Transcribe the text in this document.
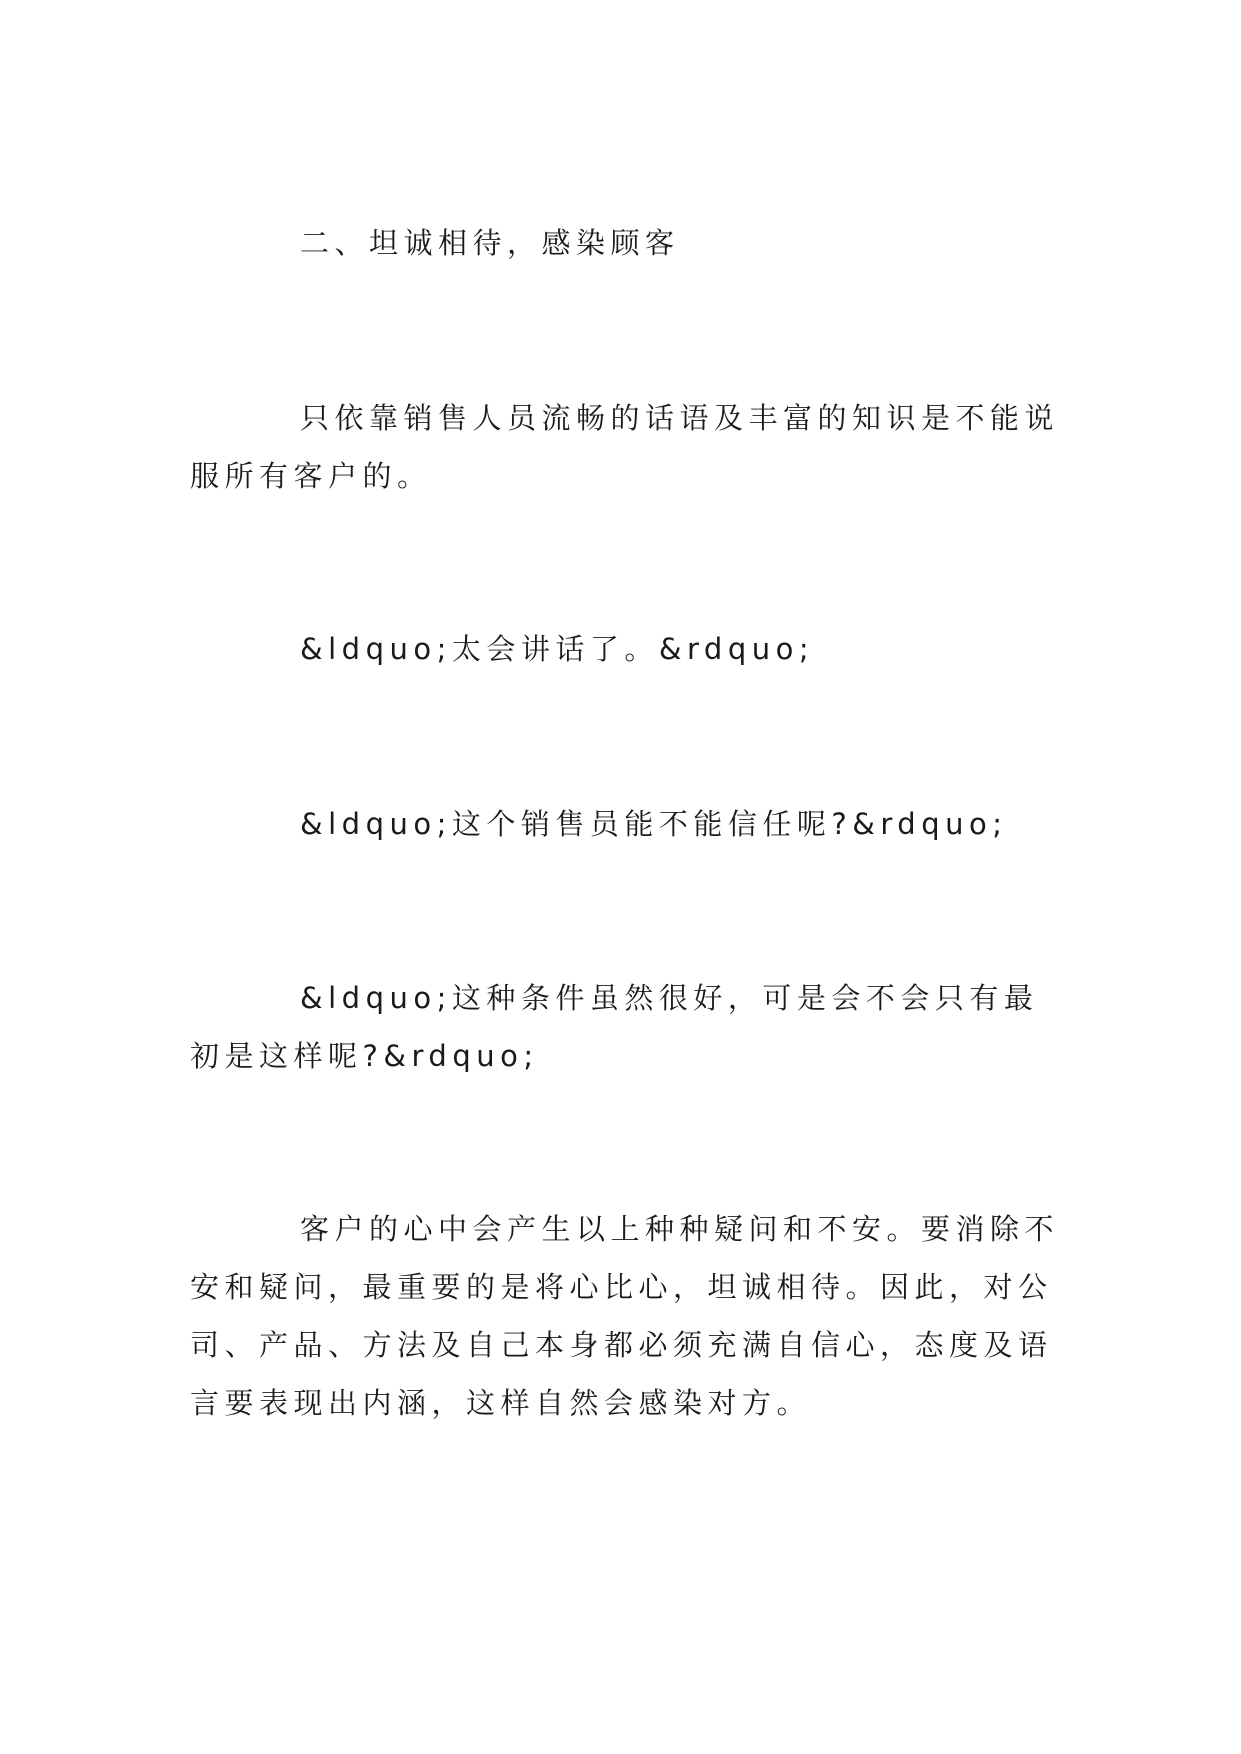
二、坦诚相待，感染顾客
只依靠销售人员流畅的话语及丰富的知识是不能说服所有客户的。
&ldquo;太会讲话了。&rdquo;
&ldquo;这个销售员能不能信任呢?&rdquo;
&ldquo;这种条件虽然很好，可是会不会只有最初是这样呢?&rdquo;
客户的心中会产生以上种种疑问和不安。要消除不安和疑问，最重要的是将心比心，坦诚相待。因此，对公司、产品、方法及自己本身都必须充满自信心，态度及语言要表现出内涵，这样自然会感染对方。
